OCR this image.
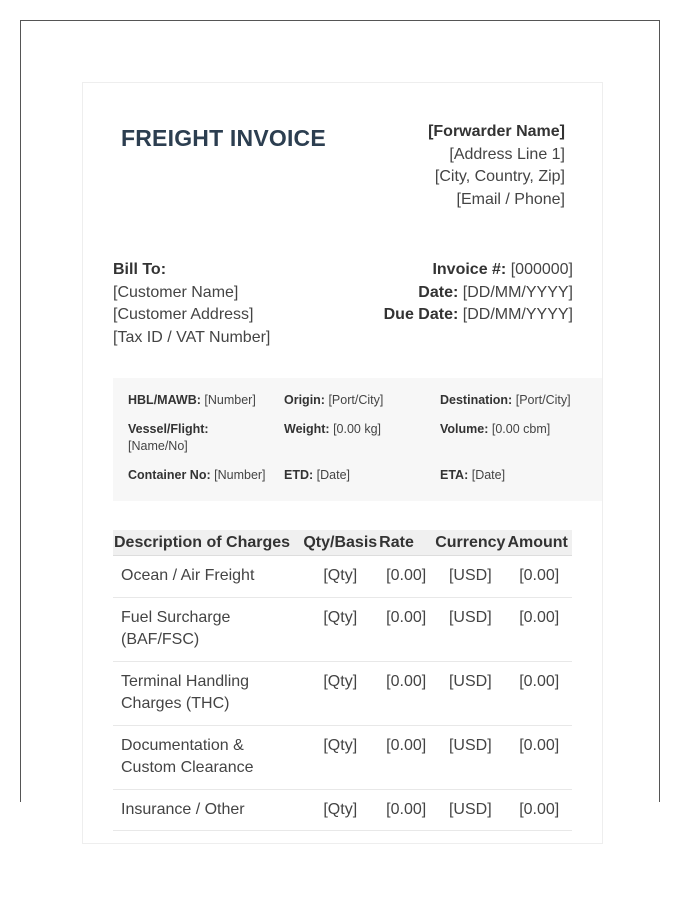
FREIGHT INVOICE	[Forwarder Name]
[Address Line 1]
[City, Country, Zip]
[Email / Phone]
Bill To:
[Customer Name]
[Customer Address]
[Tax ID / VAT Number]
Invoice #: [000000]
Date: [DD/MM/YYYY]
Due Date: [DD/MM/YYYY]
HBL/MAWB: [Number] Origin: [Port/City]	Destination: [Port/City]
Vessel/Flight:
[Name/No]
Weight: [0.00 kg]	Volume: [0.00 cbm]
Container No: [Number] ETD: [Date]	ETA: [Date]
Description of Charges	Qty/Basis	Rate	Currency	Amount
Ocean / Air Freight	[Qty]	[0.00]	[USD]	[0.00]
Fuel Surcharge (BAF/FSC)	[Qty]	[0.00]	[USD]	[0.00]
Terminal Handling Charges (THC)	[Qty]	[0.00]	[USD]	[0.00]
Documentation & Custom Clearance	[Qty]	[0.00]	[USD]	[0.00]
Insurance / Other	[Qty]	[0.00]	[USD]	[0.00]
